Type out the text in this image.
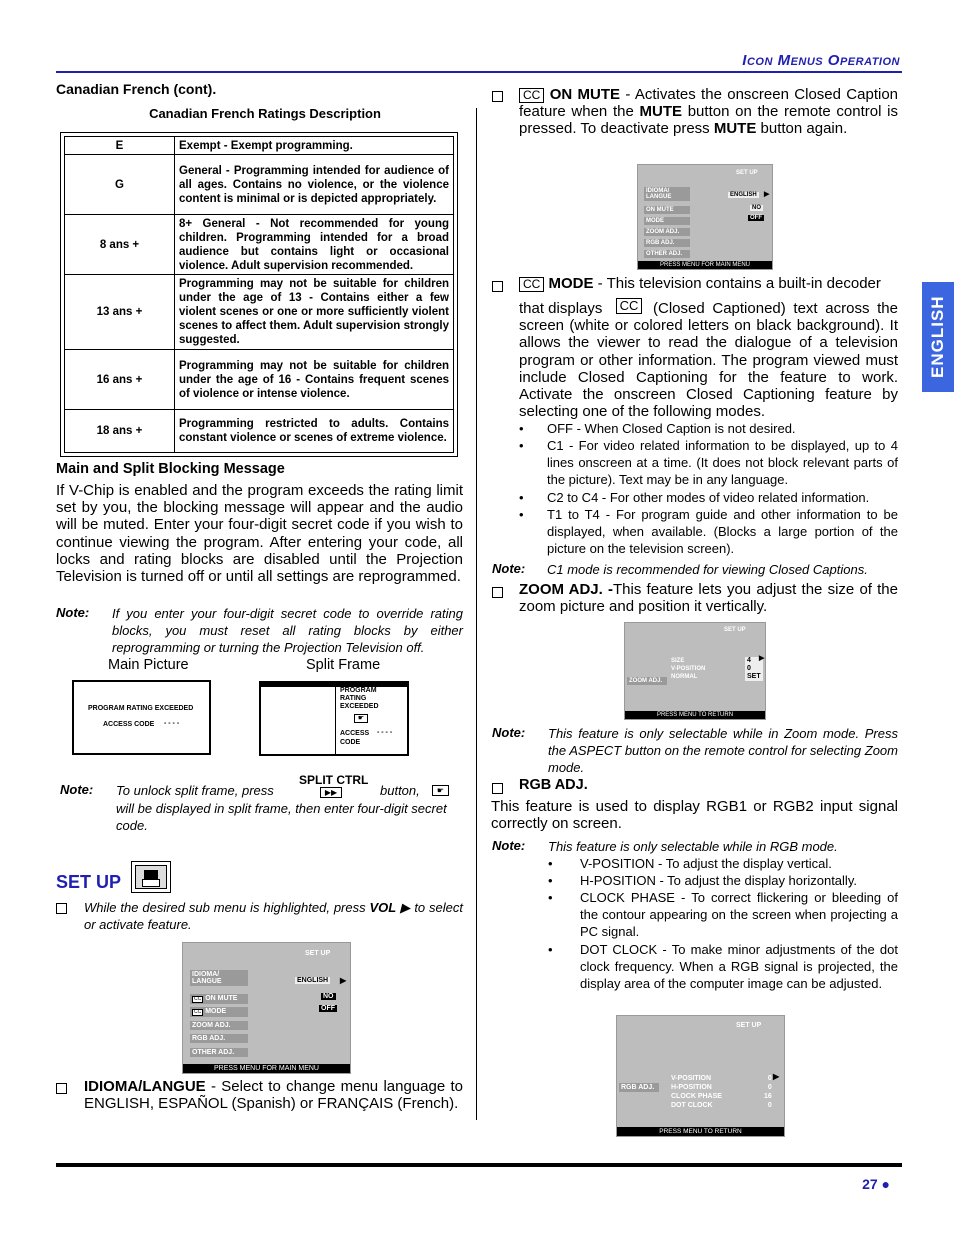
Icon Menus Operation
ENGLISH
Canadian French (cont).
Canadian French Ratings Description
E	Exempt - Exempt programming.
G	General - Programming intended for audience of all ages. Contains no violence, or the violence content is minimal or is depicted appropriately.
8 ans +	8+ General - Not recommended for young children. Programming intended for a broad audience but contains light or occasional violence. Adult supervision recommended.
13 ans +	Programming may not be suitable for children under the age of 13 - Contains either a few violent scenes or one or more sufficiently violent scenes to affect them. Adult supervision strongly suggested.
16 ans +	Programming may not be suitable for children under the age of 16 - Contains frequent scenes of violence or intense violence.
18 ans +	Programming restricted to adults. Contains constant violence or scenes of extreme violence.
Main and Split Blocking Message
If V-Chip is enabled and the program exceeds the rating limit set by you, the blocking message will appear and the audio will be muted. Enter your four-digit secret code if you wish to continue viewing the program. After entering your code, all locks and rating blocks are disabled until the Projection Television is turned off or until all settings are reprogrammed.
Note: If you enter your four-digit secret code to override rating blocks, you must reset all rating blocks by either reprogramming or turning the Projection Television off.
Main Picture	Split Frame
PROGRAM RATING EXCEEDED
ACCESS CODE - - - -
PROGRAM
RATING
EXCEEDED
☛
ACCESS
CODE
- - - -
SPLIT CTRL
Note: To unlock split frame, press	▶▶	button,	☛
will be displayed in split frame, then enter four-digit secret code.
SET UP
While the desired sub menu is highlighted, press VOL ▶ to select or activate feature.
SET UP
IDIOMA/ LANGUE	ENGLISH ▶
CC ON MUTE	NO
CC MODE	OFF
ZOOM ADJ.
RGB ADJ.
OTHER ADJ.
PRESS MENU FOR MAIN MENU
IDIOMA/LANGUE - Select to change menu language to ENGLISH, ESPAÑOL (Spanish) or FRANÇAIS (French).
CC ON MUTE - Activates the onscreen Closed Caption feature when the MUTE button on the remote control is pressed. To deactivate press MUTE button again.
SET UP
IDIOMA/ LANGUE	ENGLISH ▶
ON MUTE	NO
MODE	OFF
ZOOM ADJ.
RGB ADJ.
OTHER ADJ.
PRESS MENU FOR MAIN MENU
CC MODE - This television contains a built-in decoder
that displays CC (Closed Captioned) text across the screen (white or colored letters on black background). It allows the viewer to read the dialogue of a television program or other information. The program viewed must include Closed Captioning for the feature to work. Activate the onscreen Closed Captioning feature by selecting one of the following modes.
• OFF - When Closed Caption is not desired.
• C1 - For video related information to be displayed, up to 4 lines onscreen at a time. (It does not block relevant parts of the picture). Text may be in any language.
• C2 to C4 - For other modes of video related information.
• T1 to T4 - For program guide and other information to be displayed, when available. (Blocks a large portion of the picture on the television screen).
Note: C1 mode is recommended for viewing Closed Captions.
ZOOM ADJ. -This feature lets you adjust the size of the zoom picture and position it vertically.
SET UP
SIZE
V-POSITION
NORMAL
4
0
SET
▶
ZOOM ADJ.
PRESS MENU TO RETURN
Note: This feature is only selectable while in Zoom mode. Press the ASPECT button on the remote control for selecting Zoom mode.
RGB ADJ.
This feature is used to display RGB1 or RGB2 input signal correctly on screen.
Note: This feature is only selectable while in RGB mode.
• V-POSITION - To adjust the display vertical.
• H-POSITION - To adjust the display horizontally.
• CLOCK PHASE - To correct flickering or bleeding of the contour appearing on the screen when projecting a PC signal.
• DOT CLOCK - To make minor adjustments of the dot clock frequency. When a RGB signal is projected, the display area of the computer image can be adjusted.
SET UP
V-POSITION
H-POSITION
CLOCK PHASE
DOT CLOCK
0
0
16
0
▶
RGB ADJ.
PRESS MENU TO RETURN
27 ●
